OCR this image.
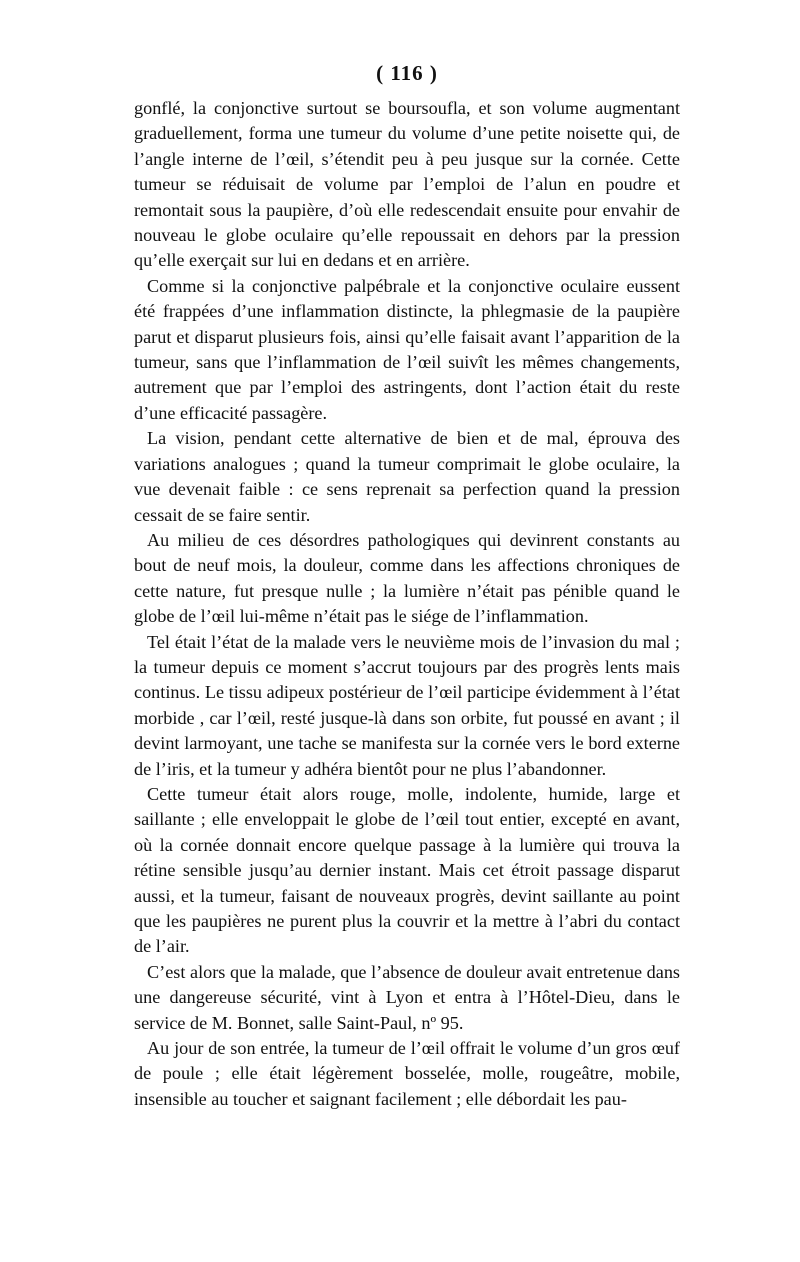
( 116 )

gonflé, la conjonctive surtout se boursoufla, et son volume augmentant graduellement, forma une tumeur du volume d’une petite noisette qui, de l’angle interne de l’œil, s’étendit peu à peu jusque sur la cornée. Cette tumeur se réduisait de volume par l’emploi de l’alun en poudre et remontait sous la paupière, d’où elle redescendait ensuite pour envahir de nouveau le globe oculaire qu’elle repoussait en dehors par la pression qu’elle exerçait sur lui en dedans et en arrière.

Comme si la conjonctive palpébrale et la conjonctive oculaire eussent été frappées d’une inflammation distincte, la phlegmasie de la paupière parut et disparut plusieurs fois, ainsi qu’elle faisait avant l’apparition de la tumeur, sans que l’inflammation de l’œil suivît les mêmes changements, autrement que par l’emploi des astringents, dont l’action était du reste d’une efficacité passagère.

La vision, pendant cette alternative de bien et de mal, éprouva des variations analogues ; quand la tumeur comprimait le globe oculaire, la vue devenait faible : ce sens reprenait sa perfection quand la pression cessait de se faire sentir.

Au milieu de ces désordres pathologiques qui devinrent constants au bout de neuf mois, la douleur, comme dans les affections chroniques de cette nature, fut presque nulle ; la lumière n’était pas pénible quand le globe de l’œil lui-même n’était pas le siége de l’inflammation.

Tel était l’état de la malade vers le neuvième mois de l’invasion du mal ; la tumeur depuis ce moment s’accrut toujours par des progrès lents mais continus. Le tissu adipeux postérieur de l’œil participe évidemment à l’état morbide , car l’œil, resté jusque-là dans son orbite, fut poussé en avant ; il devint larmoyant, une tache se manifesta sur la cornée vers le bord externe de l’iris, et la tumeur y adhéra bientôt pour ne plus l’abandonner.

Cette tumeur était alors rouge, molle, indolente, humide, large et saillante ; elle enveloppait le globe de l’œil tout entier, excepté en avant, où la cornée donnait encore quelque passage à la lumière qui trouva la rétine sensible jusqu’au dernier instant. Mais cet étroit passage disparut aussi, et la tumeur, faisant de nouveaux progrès, devint saillante au point que les paupières ne purent plus la couvrir et la mettre à l’abri du contact de l’air.

C’est alors que la malade, que l’absence de douleur avait entretenue dans une dangereuse sécurité, vint à Lyon et entra à l’Hôtel-Dieu, dans le service de M. Bonnet, salle Saint-Paul, nº 95.

Au jour de son entrée, la tumeur de l’œil offrait le volume d’un gros œuf de poule ; elle était légèrement bosselée, molle, rougeâtre, mobile, insensible au toucher et saignant facilement ; elle débordait les pau-
